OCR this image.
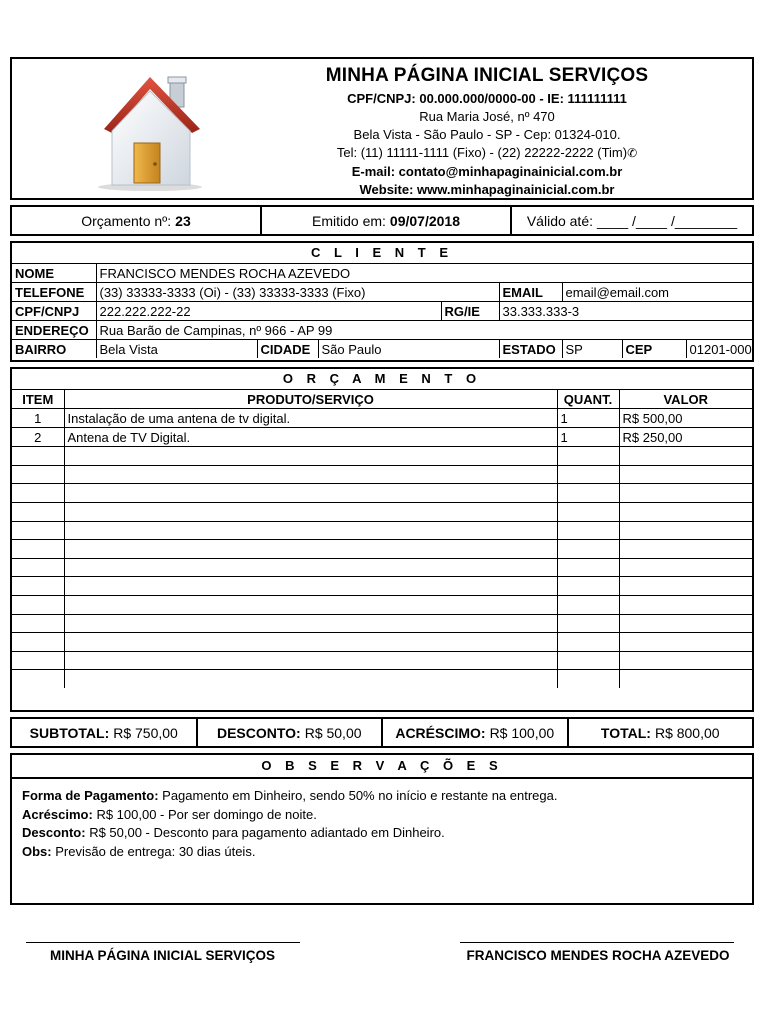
MINHA PÁGINA INICIAL SERVIÇOS
CPF/CNPJ: 00.000.000/0000-00 - IE: 111111111
Rua Maria José, nº 470
Bela Vista - São Paulo - SP - Cep: 01324-010.
Tel: (11) 11111-1111 (Fixo) - (22) 22222-2222 (Tim)✆
E-mail: contato@minhapaginainicial.com.br
Website: www.minhapaginainicial.com.br
Orçamento nº: 23	Emitido em: 09/07/2018	Válido até: ____ /____ /________
C L I E N T E
NOME	FRANCISCO MENDES ROCHA AZEVEDO							
TELEFONE	(33) 33333-3333 (Oi) - (33) 33333-3333 (Fixo)				EMAIL	email@email.com		
CPF/CNPJ	222.222.222-22			RG/IE	33.333.333-3			
ENDEREÇO	Rua Barão de Campinas, nº 966 - AP 99							
BAIRRO	Bela Vista	CIDADE	São Paulo		ESTADO	SP	CEP	01201-000
O R Ç A M E N T O
ITEM	PRODUTO/SERVIÇO	QUANT.	VALOR
1	Instalação de uma antena de tv digital.	1	R$ 500,00
2	Antena de TV Digital.	1	R$ 250,00

SUBTOTAL: R$ 750,00	DESCONTO: R$ 50,00 ACRÉSCIMO: R$ 100,00	TOTAL: R$ 800,00
O B S E R V A Ç Õ E S
Forma de Pagamento: Pagamento em Dinheiro, sendo 50% no início e restante na entrega.
Acréscimo: R$ 100,00 - Por ser domingo de noite.
Desconto: R$ 50,00 - Desconto para pagamento adiantado em Dinheiro.
Obs: Previsão de entrega: 30 dias úteis.
MINHA PÁGINA INICIAL SERVIÇOS	FRANCISCO MENDES ROCHA AZEVEDO
